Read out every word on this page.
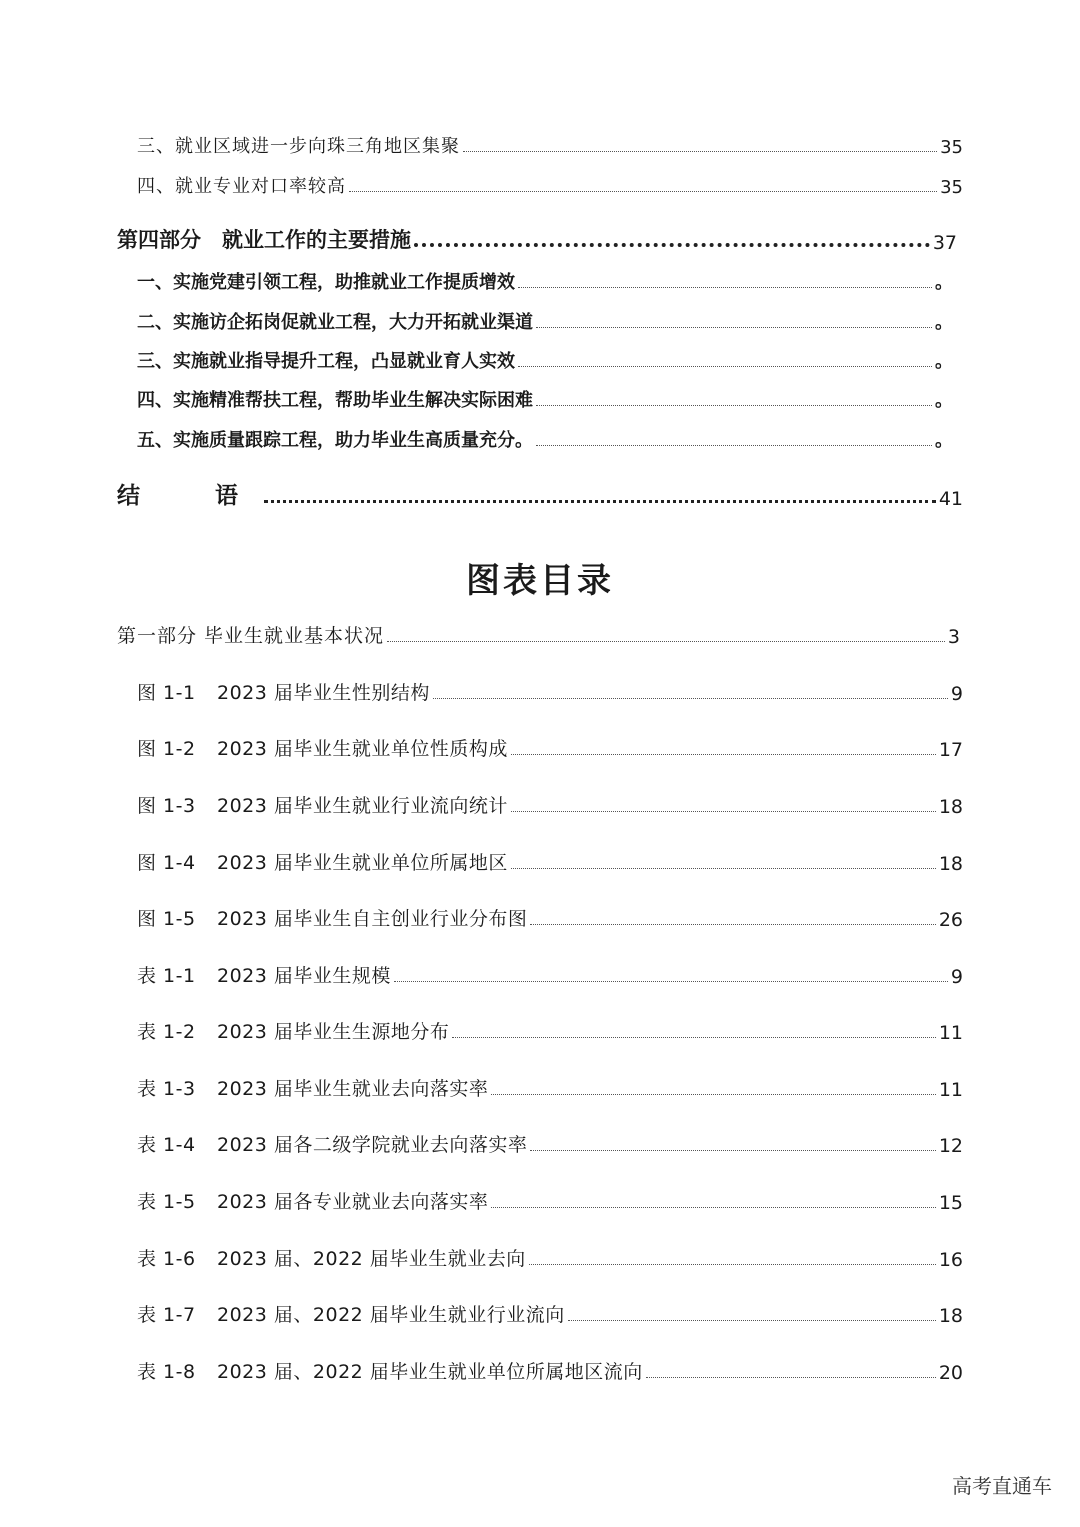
三、就业区域进一步向珠三角地区集聚	35
四、就业专业对口率较高	35
第四部分　就业工作的主要措施	37
一、实施党建引领工程，助推就业工作提质增效	。
二、实施访企拓岗促就业工程，大力开拓就业渠道	。
三、实施就业指导提升工程，凸显就业育人实效	。
四、实施精准帮扶工程，帮助毕业生解决实际困难	。
五、实施质量跟踪工程，助力毕业生高质量充分。	。
结　语	41
图表目录
第一部分 毕业生就业基本状况	3
图 1-1 2023 届毕业生性别结构	9
图 1-2 2023 届毕业生就业单位性质构成	17
图 1-3 2023 届毕业生就业行业流向统计	18
图 1-4 2023 届毕业生就业单位所属地区	18
图 1-5 2023 届毕业生自主创业行业分布图	26
表 1-1 2023 届毕业生规模	9
表 1-2 2023 届毕业生生源地分布	11
表 1-3 2023 届毕业生就业去向落实率	11
表 1-4 2023 届各二级学院就业去向落实率	12
表 1-5 2023 届各专业就业去向落实率	15
表 1-6 2023 届、2022 届毕业生就业去向	16
表 1-7 2023 届、2022 届毕业生就业行业流向	18
表 1-8 2023 届、2022 届毕业生就业单位所属地区流向	20
高考直通车
